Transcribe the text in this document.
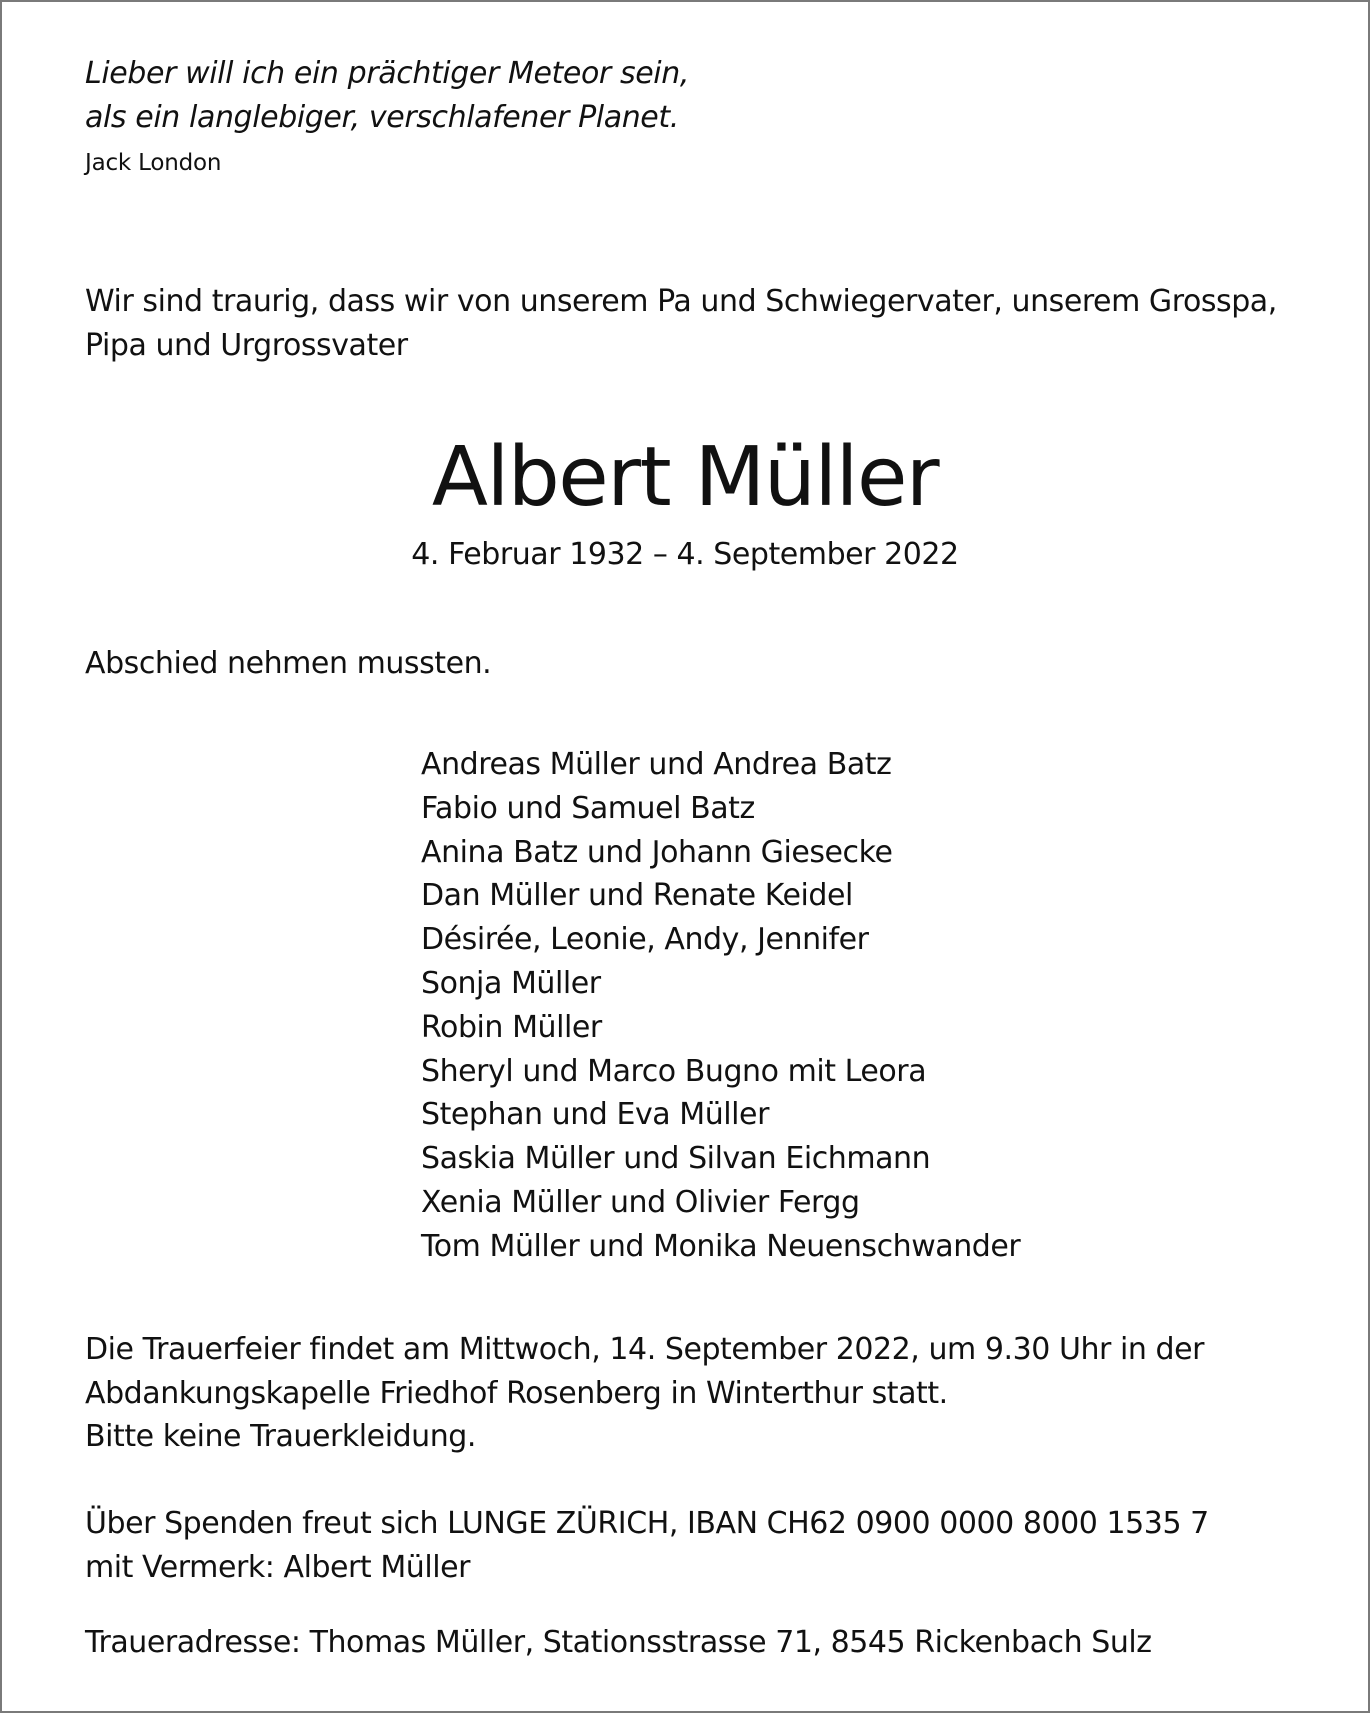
Lieber will ich ein prächtiger Meteor sein,
als ein langlebiger, verschlafener Planet.
Jack London
Wir sind traurig, dass wir von unserem Pa und Schwiegervater, unserem Grosspa,
Pipa und Urgrossvater
Albert Müller
4. Februar 1932 – 4. September 2022
Abschied nehmen mussten.
Andreas Müller und Andrea Batz
Fabio und Samuel Batz
Anina Batz und Johann Giesecke
Dan Müller und Renate Keidel
Désirée, Leonie, Andy, Jennifer
Sonja Müller
Robin Müller
Sheryl und Marco Bugno mit Leora
Stephan und Eva Müller
Saskia Müller und Silvan Eichmann
Xenia Müller und Olivier Fergg
Tom Müller und Monika Neuenschwander
Die Trauerfeier findet am Mittwoch, 14. September 2022, um 9.30 Uhr in der
Abdankungskapelle Friedhof Rosenberg in Winterthur statt.
Bitte keine Trauerkleidung.
Über Spenden freut sich LUNGE ZÜRICH, IBAN CH62 0900 0000 8000 1535 7
mit Vermerk: Albert Müller
Traueradresse: Thomas Müller, Stationsstrasse 71, 8545 Rickenbach Sulz
